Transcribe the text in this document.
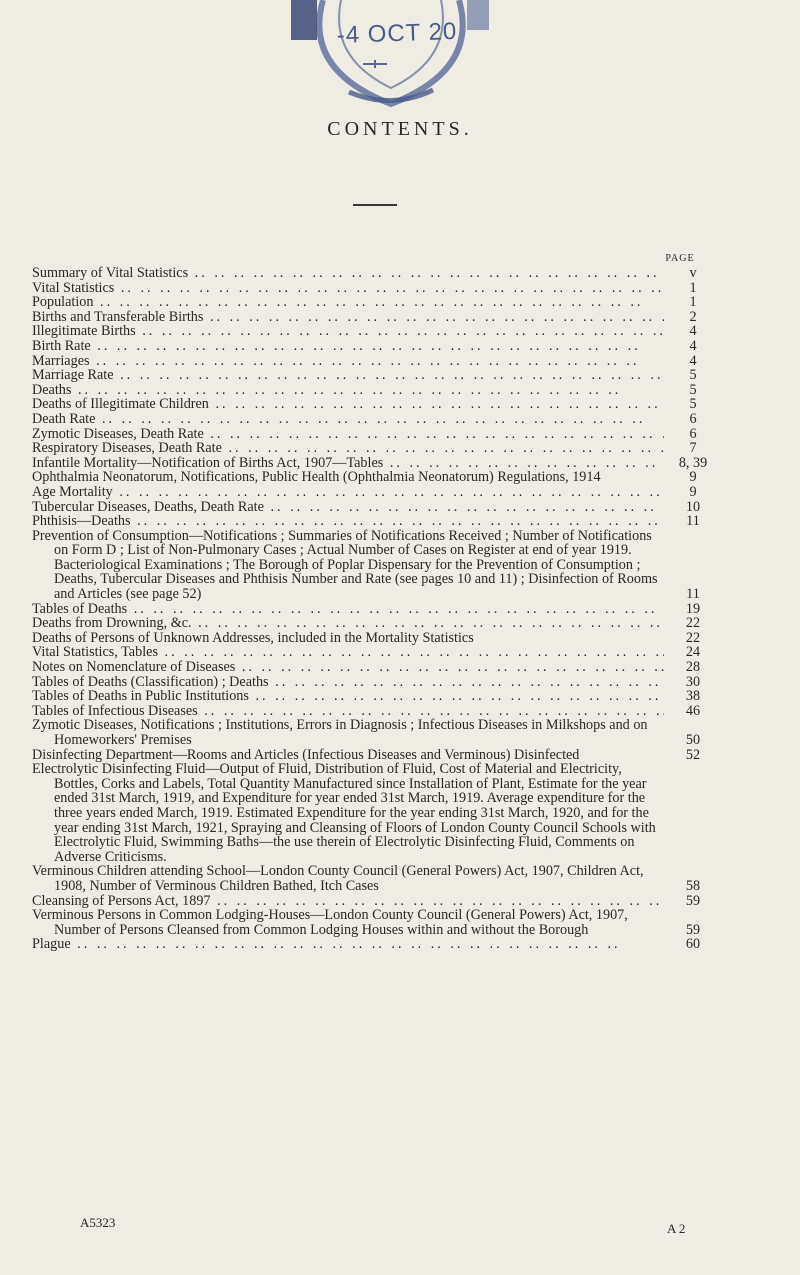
-4 OCT 20
CONTENTS.
PAGE
Summary of Vital Statistics .. ..	v
Vital Statistics .. ..	1
Population .. ..	1
Births and Transferable Births .. ..	2
Illegitimate Births .. ..	4
Birth Rate .. ..	4
Marriages .. ..	4
Marriage Rate .. ..	5
Deaths .. ..	5
Deaths of Illegitimate Children .. ..	5
Death Rate .. ..	6
Zymotic Diseases, Death Rate .. ..	6
Respiratory Diseases, Death Rate .. ..	7
Infantile Mortality—Notification of Births Act, 1907—Tables .. ..	8, 39
Ophthalmia Neonatorum, Notifications, Public Health (Ophthalmia Neonatorum) Regulations, 1914	9
Age Mortality .. ..	9
Tubercular Diseases, Deaths, Death Rate .. ..	10
Phthisis—Deaths .. ..	11
Prevention of Consumption—Notifications ; Summaries of Notifications Received ; Number of Notifications on Form D ; List of Non-Pulmonary Cases ; Actual Number of Cases on Register at end of year 1919. Bacteriological Examinations ; The Borough of Poplar Dispensary for the Prevention of Consumption ; Deaths, Tubercular Diseases and Phthisis Number and Rate (see pages 10 and 11) ; Disinfection of Rooms and Articles (see page 52)	11
Tables of Deaths .. ..	19
Deaths from Drowning, &c. .. ..	22
Deaths of Persons of Unknown Addresses, included in the Mortality Statistics	22
Vital Statistics, Tables .. ..	24
Notes on Nomenclature of Diseases .. ..	28
Tables of Deaths (Classification) ; Deaths .. ..	30
Tables of Deaths in Public Institutions .. ..	38
Tables of Infectious Diseases .. ..	46
Zymotic Diseases, Notifications ; Institutions, Errors in Diagnosis ; Infectious Diseases in Milkshops and on Homeworkers' Premises	50
Disinfecting Department—Rooms and Articles (Infectious Diseases and Verminous) Disinfected	52
Electrolytic Disinfecting Fluid—Output of Fluid, Distribution of Fluid, Cost of Material and Electricity, Bottles, Corks and Labels, Total Quantity Manufactured since Installation of Plant, Estimate for the year ended 31st March, 1919, and Expenditure for year ended 31st March, 1919. Average expenditure for the three years ended March, 1919. Estimated Expenditure for the year ending 31st March, 1920, and for the year ending 31st March, 1921, Spraying and Cleansing of Floors of London County Council Schools with Electrolytic Fluid, Swimming Baths—the use therein of Electrolytic Disinfecting Fluid, Comments on Adverse Criticisms.
Verminous Children attending School—London County Council (General Powers) Act, 1907, Children Act, 1908, Number of Verminous Children Bathed, Itch Cases	58
Cleansing of Persons Act, 1897 .. ..	59
Verminous Persons in Common Lodging-Houses—London County Council (General Powers) Act, 1907, Number of Persons Cleansed from Common Lodging Houses within and without the Borough	59
Plague .. ..	60
A5323	A 2
